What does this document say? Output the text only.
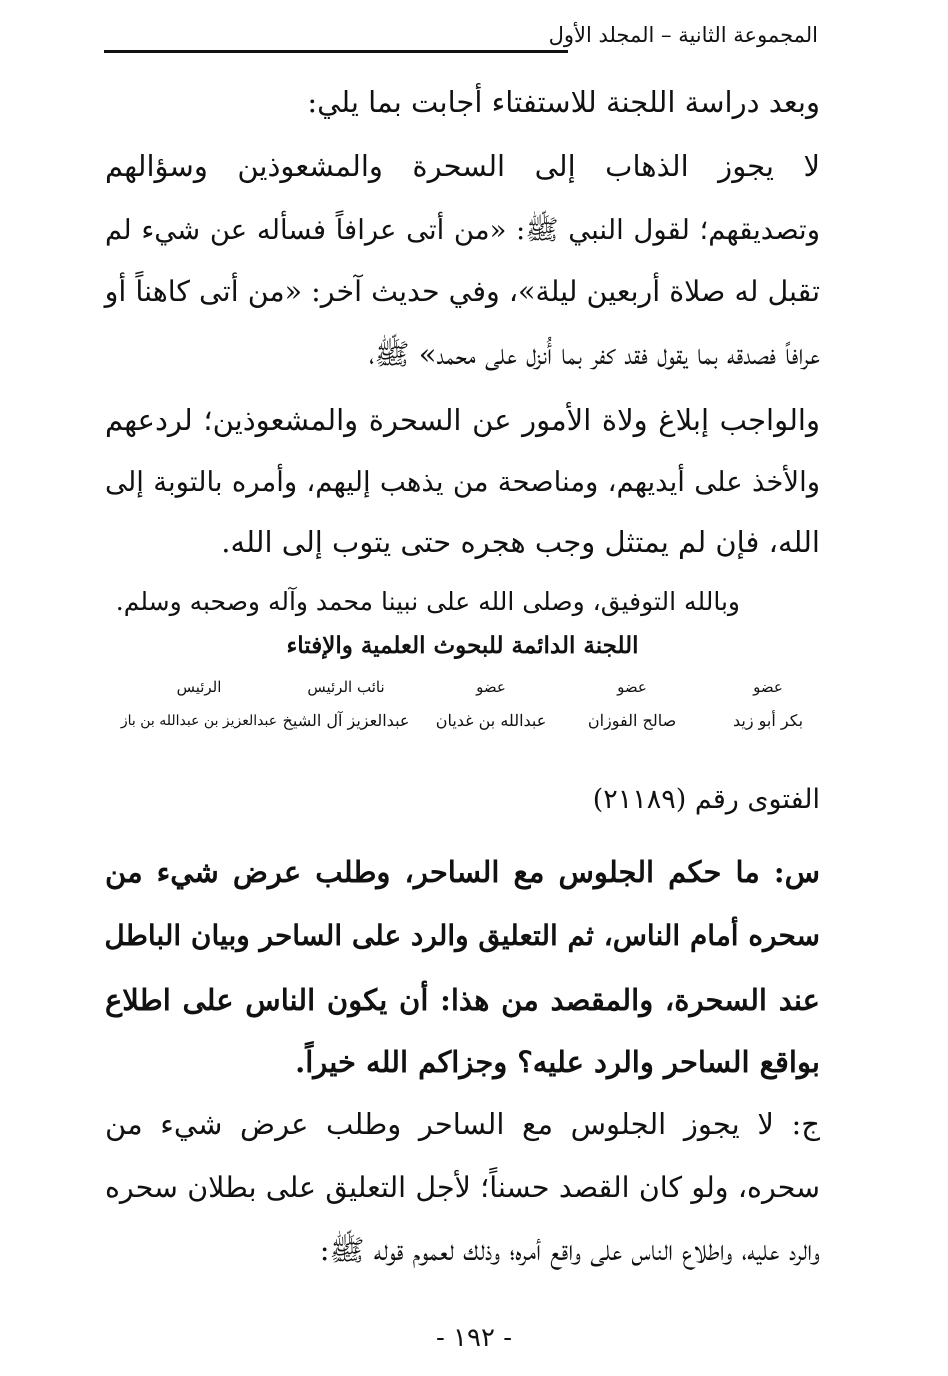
المجموعة الثانية – المجلد الأول
وبعد دراسة اللجنة للاستفتاء أجابت بما يلي:
لا يجوز الذهاب إلى السحرة والمشعوذين وسؤالهم
وتصديقهم؛ لقول النبي ﷺ: «من أتى عرافاً فسأله عن شيء لم
تقبل له صلاة أربعين ليلة»، وفي حديث آخر: «من أتى كاهناً أو
عرافاً فصدقه بما يقول فقد كفر بما أُنزل على محمد» ﷺ،
والواجب إبلاغ ولاة الأمور عن السحرة والمشعوذين؛ لردعهم
والأخذ على أيديهم، ومناصحة من يذهب إليهم، وأمره بالتوبة إلى
الله، فإن لم يمتثل وجب هجره حتى يتوب إلى الله.
وبالله التوفيق، وصلى الله على نبينا محمد وآله وصحبه وسلم.
اللجنة الدائمة للبحوث العلمية والإفتاء
عضو
بكر أبو زيد
عضو
صالح الفوزان
عضو
عبدالله بن غديان
نائب الرئيس
عبدالعزيز آل الشيخ
الرئيس
عبدالعزيز بن عبدالله بن باز
الفتوى رقم (٢١١٨٩)
س: ما حكم الجلوس مع الساحر، وطلب عرض شيء من
سحره أمام الناس، ثم التعليق والرد على الساحر وبيان الباطل
عند السحرة، والمقصد من هذا: أن يكون الناس على اطلاع
بواقع الساحر والرد عليه؟ وجزاكم الله خيراً.
ج: لا يجوز الجلوس مع الساحر وطلب عرض شيء من
سحره، ولو كان القصد حسناً؛ لأجل التعليق على بطلان سحره
والرد عليه، واطلاع الناس على واقع أمره؛ وذلك لعموم قوله ﷺ:
- ١٩٢ -
